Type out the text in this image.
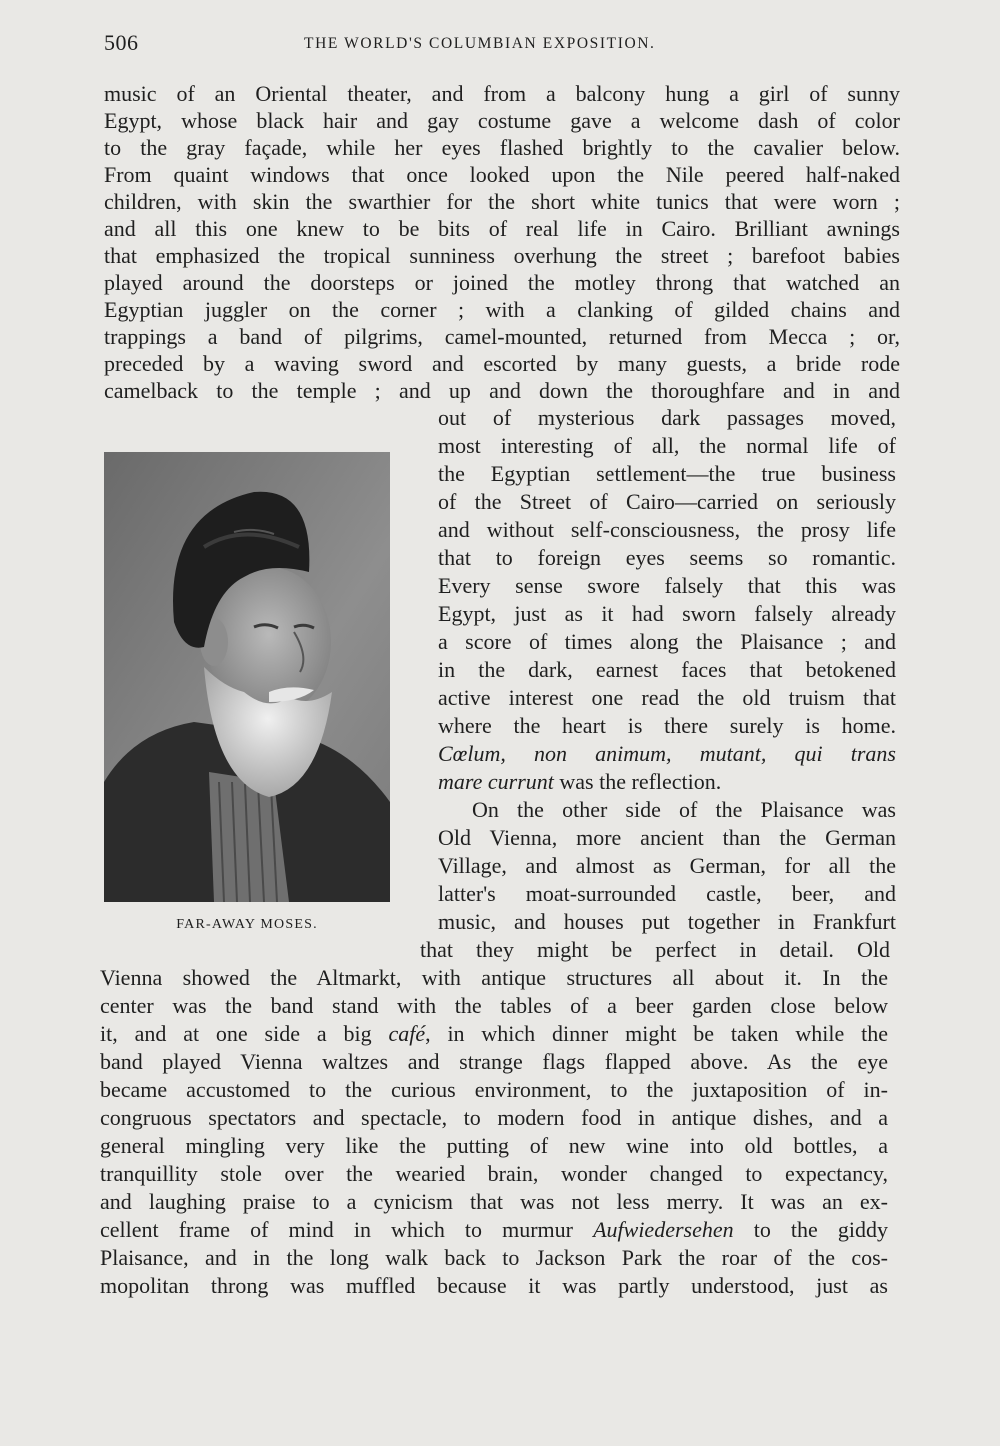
506	THE WORLD'S COLUMBIAN EXPOSITION.
music of an Oriental theater, and from a balcony hung a girl of sunny
Egypt, whose black hair and gay costume gave a welcome dash of color
to the gray façade, while her eyes flashed brightly to the cavalier below.
From quaint windows that once looked upon the Nile peered half-naked
children, with skin the swarthier for the short white tunics that were worn ;
and all this one knew to be bits of real life in Cairo. Brilliant awnings
that emphasized the tropical sunniness overhung the street ; barefoot babies
played around the doorsteps or joined the motley throng that watched an
Egyptian juggler on the corner ; with a clanking of gilded chains and
trappings a band of pilgrims, camel-mounted, returned from Mecca ; or,
preceded by a waving sword and escorted by many guests, a bride rode
camelback to the temple ; and up and down the thoroughfare and in and
FAR-AWAY MOSES.
out of mysterious dark passages moved,
most interesting of all, the normal life of
the Egyptian settlement—the true business
of the Street of Cairo—carried on seriously
and without self-consciousness, the prosy life
that to foreign eyes seems so romantic.
Every sense swore falsely that this was
Egypt, just as it had sworn falsely already
a score of times along the Plaisance ; and
in the dark, earnest faces that betokened
active interest one read the old truism that
where the heart is there surely is home.
Cœlum, non animum, mutant, qui trans
mare currunt was the reflection.
On the other side of the Plaisance was
Old Vienna, more ancient than the German
Village, and almost as German, for all the
latter's moat-surrounded castle, beer, and
music, and houses put together in Frankfurt
that they might be perfect in detail. Old
Vienna showed the Altmarkt, with antique structures all about it. In the
center was the band stand with the tables of a beer garden close below
it, and at one side a big café, in which dinner might be taken while the
band played Vienna waltzes and strange flags flapped above. As the eye
became accustomed to the curious environment, to the juxtaposition of in-
congruous spectators and spectacle, to modern food in antique dishes, and a
general mingling very like the putting of new wine into old bottles, a
tranquillity stole over the wearied brain, wonder changed to expectancy,
and laughing praise to a cynicism that was not less merry. It was an ex-
cellent frame of mind in which to murmur Aufwiedersehen to the giddy
Plaisance, and in the long walk back to Jackson Park the roar of the cos-
mopolitan throng was muffled because it was partly understood, just as
